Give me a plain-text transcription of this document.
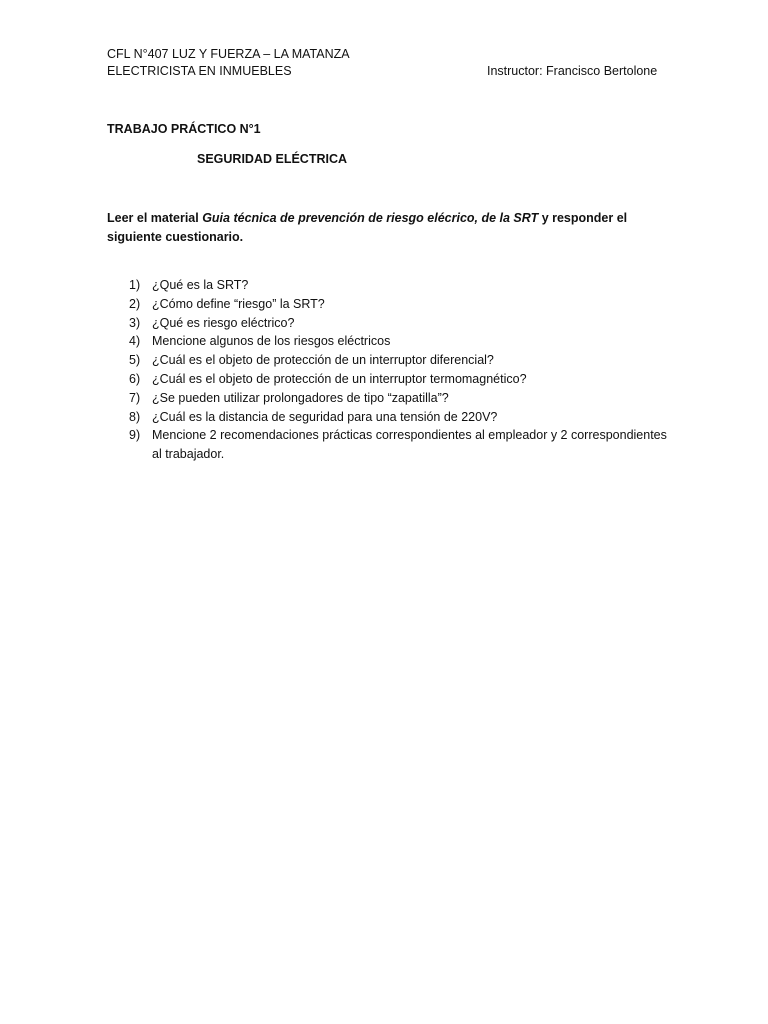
CFL N°407 LUZ Y FUERZA – LA MATANZA
ELECTRICISTA EN INMUEBLES	Instructor: Francisco Bertolone
TRABAJO PRÁCTICO N°1
SEGURIDAD ELÉCTRICA

Leer el material Guia técnica de prevención de riesgo elécrico, de la SRT y responder el siguiente cuestionario.

1) ¿Qué es la SRT?
2) ¿Cómo define “riesgo” la SRT?
3) ¿Qué es riesgo eléctrico?
4) Mencione algunos de los riesgos eléctricos
5) ¿Cuál es el objeto de protección de un interruptor diferencial?
6) ¿Cuál es el objeto de protección de un interruptor termomagnético?
7) ¿Se pueden utilizar prolongadores de tipo “zapatilla”?
8) ¿Cuál es la distancia de seguridad para una tensión de 220V?
9) Mencione 2 recomendaciones prácticas correspondientes al empleador y 2 correspondientes al trabajador.
